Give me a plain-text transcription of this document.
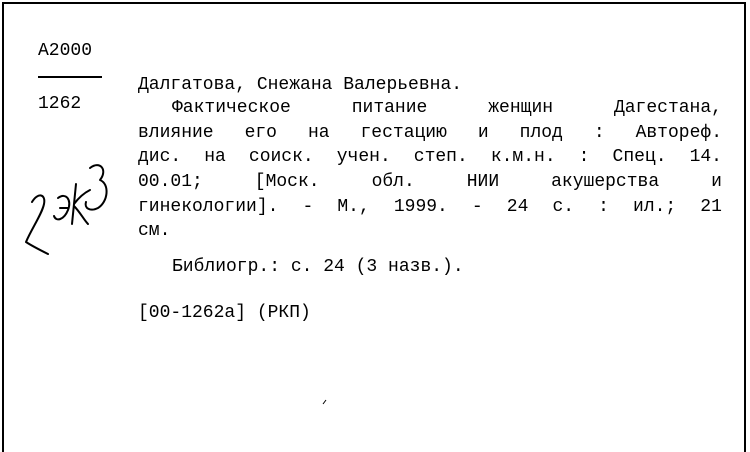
A2000
1262
Далгатова, Снежана Валерьевна.
Фактическое	питание	женщин	Дагестана,
влияние его на гестацию и плод : Автореф.
дис. на соиск. учен. степ. к.м.н. : Спец. 14.
00.01;	[Моск.	обл.	НИИ	акушерства	и
гинекологии]. - М., 1999. - 24 с. : ил.; 21
см.
Библиогр.: с. 24 (3 назв.).
[00-1262а] (РКП)
